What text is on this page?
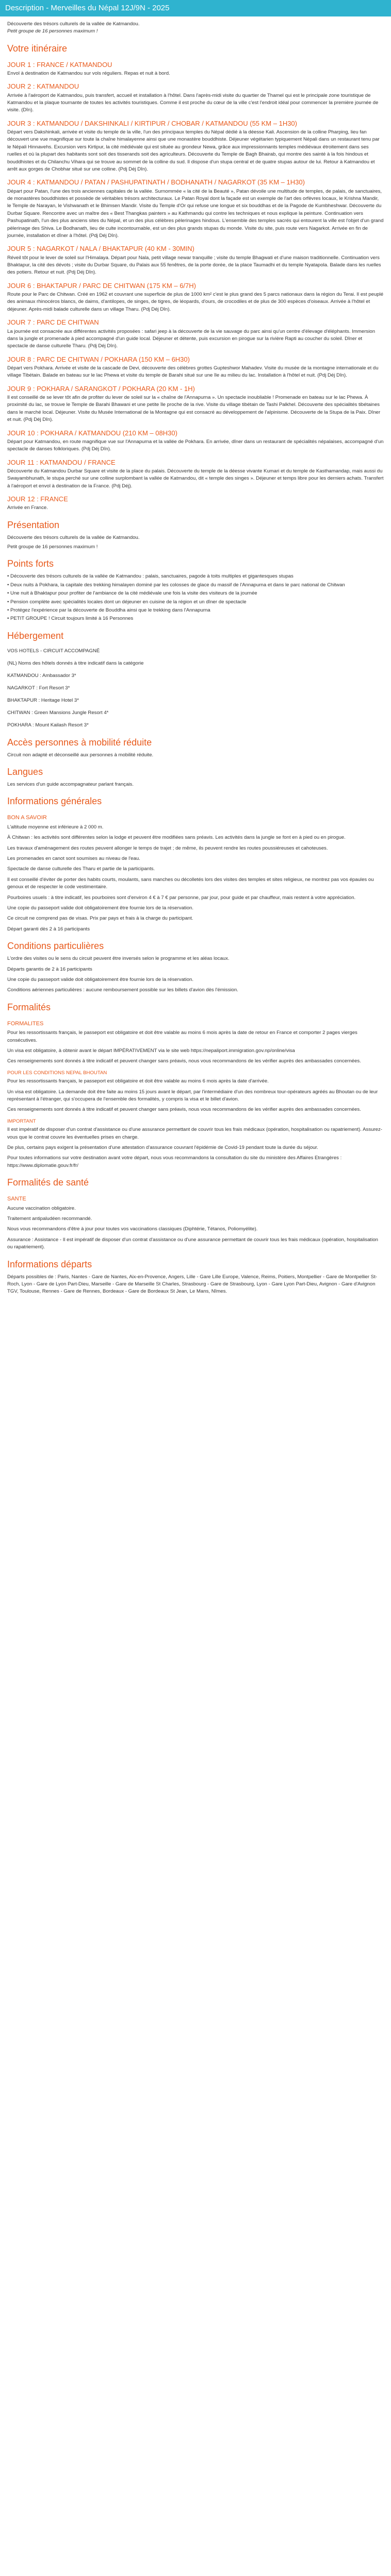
Description - Merveilles du Népal 12J/9N - 2025

Découverte des trésors culturels de la vallée de Katmandou.

Petit groupe de 16 personnes maximum !

Votre itinéraire
JOUR 1 : FRANCE / KATMANDOU

Envol à destination de Katmandou sur vols réguliers. Repas et nuit à bord.

JOUR 2 : KATMANDOU

Arrivée à l'aéroport de Katmandou, puis transfert, accueil et installation à l'hôtel. Dans l'après-midi visite du quartier de Thamel qui est le principale zone touristique de Katmandou et la plaque tournante de toutes les activités touristiques. Comme il est proche du cœur de la ville c'est l'endroit idéal pour commencer la première journée de visite. (Dîn).

JOUR 3 : KATMANDOU / DAKSHINKALI / KIRTIPUR / CHOBAR / KATMANDOU (55 KM – 1H30)

Départ vers Dakshinkali, arrivée et visite du temple de la ville, l'un des principaux temples du Népal dédié à la déesse Kali. Ascension de la colline Pharping, lieu fan découvert une vue magnifique sur toute la chaîne himalayenne ainsi que une monastère bouddhiste. Déjeuner végétarien typiquement Népali dans un restaurant tenu par le Népali Hinnavehs. Excursion vers Kirtipur, la cité médiévale qui est située au grondeur Newa, grâce aux impressionnants temples médiévaux étroitement dans ses ruelles et où la plupart des habitants sont soit des tisserands soit des agriculteurs. Découverte du Temple de Bagh Bhairab, qui montre des sainté à la fois hindous et bouddhistes et du Chilanchu Vihara qui se trouve au sommet de la colline du sud. Il dispose d'un stupa central et de quatre stupas autour de lui. Retour à Katmandou et arrêt aux gorges de Chobhar situé sur une colline. (Pdj Déj Dîn).

JOUR 4 : KATMANDOU / PATAN / PASHUPATINATH / BODHANATH / NAGARKOT (35 KM – 1H30)

Départ pour Patan, l'une des trois anciennes capitales de la vallée. Surnommée « la cité de la Beauté », Patan dévoile une multitude de temples, de palais, de sanctuaires, de monastères bouddhistes et possède de véritables trésors architecturaux. Le Patan Royal dont la façade est un exemple de l'art des orfèvres locaux, le Krishna Mandir, le Temple de Narayan, le Vishwanath et le Bhimsen Mandir. Visite du Temple d'Or qui refuse une longue et six bouddhas et de la Pagode de Kumbheshwar. Découverte du Durbar Square. Rencontre avec un maître des « Best Thangkas painters » au Kathmandu qui contre les techniques et nous explique la peinture. Continuation vers Pashupatinath, l'un des plus anciens sites du Népal, et un des plus célèbres pèlerinages hindous. L'ensemble des temples sacrés qui entourent la ville est l'objet d'un grand pèlerinage des Shiva. Le Bodhanath, lieu de culte incontournable, est un des plus grands stupas du monde. Visite du site, puis route vers Nagarkot. Arrivée en fin de journée, installation et dîner à l'hôtel. (Pdj Déj Dîn).

JOUR 5 : NAGARKOT / NALA / BHAKTAPUR (40 KM - 30MIN)

Réveil tôt pour le lever de soleil sur l'Himalaya. Départ pour Nala, petit village newar tranquille ; visite du temple Bhagwati et d'une maison traditionnelle. Continuation vers Bhaktapur, la cité des dévots ; visite du Durbar Square, du Palais aux 55 fenêtres, de la porte dorée, de la place Taumadhi et du temple Nyatapola. Balade dans les ruelles des potiers. Retour et nuit. (Pdj Déj Dîn).

JOUR 6 : BHAKTAPUR / PARC DE CHITWAN (175 KM – 6/7H)

Route pour le Parc de Chitwan. Créé en 1962 et couvrant une superficie de plus de 1000 km² c'est le plus grand des 5 parcs nationaux dans la région du Terai. Il est peuplé des animaux rhinocéros blancs, de daims, d'antilopes, de singes, de tigres, de léopards, d'ours, de crocodiles et de plus de 300 espèces d'oiseaux. Arrivée à l'hôtel et déjeuner. Après-midi balade culturelle dans un village Tharu. (Pdj Déj Dîn).

JOUR 7 : PARC DE CHITWAN

La journée est consacrée aux différentes activités proposées : safari jeep à la découverte de la vie sauvage du parc ainsi qu'un centre d'élevage d'éléphants. Immersion dans la jungle et promenade à pied accompagné d'un guide local. Déjeuner et détente, puis excursion en pirogue sur la rivière Rapti au coucher du soleil. Dîner et spectacle de danse culturelle Tharu. (Pdj Déj Dîn).

JOUR 8 : PARC DE CHITWAN / POKHARA (150 KM – 6H30)

Départ vers Pokhara. Arrivée et visite de la cascade de Devi, découverte des célèbres grottes Gupteshwor Mahadev. Visite du musée de la montagne internationale et du village Tibétain. Balade en bateau sur le lac Phewa et visite du temple de Barahi situé sur une île au milieu du lac. Installation à l'hôtel et nuit. (Pdj Déj Dîn).

JOUR 9 : POKHARA / SARANGKOT / POKHARA (20 KM - 1H)

Il est conseillé de se lever tôt afin de profiter du lever de soleil sur la « chaîne de l'Annapurna ». Un spectacle inoubliable ! Promenade en bateau sur le lac Phewa. À proximité du lac, se trouve le Temple de Barahi Bhawani et une petite île proche de la rive. Visite du village tibétain de Tashi Palkhel. Découverte des spécialités tibétaines dans le marché local. Déjeuner. Visite du Musée International de la Montagne qui est consacré au développement de l'alpinisme. Découverte de la Stupa de la Paix. Dîner et nuit. (Pdj Déj Dîn).

JOUR 10 : POKHARA / KATMANDOU (210 KM – 08H30)

Départ pour Katmandou, en route magnifique vue sur l'Annapurna et la vallée de Pokhara. En arrivée, dîner dans un restaurant de spécialités népalaises, accompagné d'un spectacle de danses folkloriques. (Pdj Déj Dîn).

JOUR 11 : KATMANDOU / FRANCE

Découverte du Katmandou Durbar Square et visite de la place du palais. Découverte du temple de la déesse vivante Kumari et du temple de Kasthamandap, mais aussi du Swayambhunath, le stupa perché sur une colline surplombant la vallée de Katmandou, dit « temple des singes ». Déjeuner et temps libre pour les derniers achats. Transfert à l'aéroport et envol à destination de la France. (Pdj Déj).

JOUR 12 : FRANCE

Arrivée en France.

Présentation

Découverte des trésors culturels de la vallée de Katmandou.

Petit groupe de 16 personnes maximum !

Points forts
• Découverte des trésors culturels de la vallée de Katmandou : palais, sanctuaires, pagode à toits multiples et gigantesques stupas
• Deux nuits à Pokhara, la capitale des trekking himalayen dominé par les colosses de glace du massif de l'Annapurna et dans le parc national de Chitwan
• Une nuit à Bhaktapur pour profiter de l'ambiance de la cité médiévale une fois la visite des visiteurs de la journée
• Pension complète avec spécialités locales dont un déjeuner en cuisine de la région et un dîner de spectacle
• Protégez l'expérience par la découverte de Bouddha ainsi que le trekking dans l'Annapurna
• PETIT GROUPE ! Circuit toujours limité à 16 Personnes
Hébergement

VOS HOTELS - CIRCUIT ACCOMPAGNÉ

(NL) Noms des hôtels donnés à titre indicatif dans la catégorie

KATMANDOU : Ambassador 3*

NAGARKOT : Fort Resort 3*

BHAKTAPUR : Heritage Hotel 3*

CHITWAN : Green Mansions Jungle Resort 4*

POKHARA : Mount Kailash Resort 3*

Accès personnes à mobilité réduite

Circuit non adapté et déconseillé aux personnes à mobilité réduite.

Langues

Les services d'un guide accompagnateur parlant français.

Informations générales
BON A SAVOIR

L'altitude moyenne est inférieure à 2 000 m.

À Chitwan : les activités sont différentes selon la lodge et peuvent être modifiées sans préavis. Les activités dans la jungle se font en à pied ou en pirogue.

Les travaux d'aménagement des routes peuvent allonger le temps de trajet ; de même, ils peuvent rendre les routes poussiéreuses et cahoteuses.

Les promenades en canot sont soumises au niveau de l'eau.

Spectacle de danse culturelle des Tharu et partie de la participants.

Il est conseillé d'éviter de porter des habits courts, moulants, sans manches ou décolletés lors des visites des temples et sites religieux, ne montrez pas vos épaules ou genoux et de respecter le code vestimentaire.

Pourboires usuels : à titre indicatif, les pourboires sont d'environ 4 € à 7 € par personne, par jour, pour guide et par chauffeur, mais restent à votre appréciation.

Une copie du passeport valide doit obligatoirement être fournie lors de la réservation.

Ce circuit ne comprend pas de visas. Prix par pays et frais à la charge du participant.

Départ garanti dès 2 à 16 participants

Conditions particulières

L'ordre des visites ou le sens du circuit peuvent être inversés selon le programme et les aléas locaux.

Départs garantis de 2 à 16 participants

Une copie du passeport valide doit obligatoirement être fournie lors de la réservation.

Conditions aériennes particulières : aucune remboursement possible sur les billets d'avion dès l'émission.

Formalités
FORMALITES

Pour les ressortissants français, le passeport est obligatoire et doit être valable au moins 6 mois après la date de retour en France et comporter 2 pages vierges consécutives.

Un visa est obligatoire, à obtenir avant le départ IMPÉRATIVEMENT via le site web https://nepaliport.immigration.gov.np/online/visa

Ces renseignements sont donnés à titre indicatif et peuvent changer sans préavis, nous vous recommandons de les vérifier auprès des ambassades concernées.

POUR LES CONDITIONS NEPAL BHOUTAN

Pour les ressortissants français, le passeport est obligatoire et doit être valable au moins 6 mois après la date d'arrivée.

Un visa est obligatoire. La demande doit être faite au moins 15 jours avant le départ, par l'intermédiaire d'un des nombreux tour-opérateurs agréés au Bhoutan ou de leur représentant à l'étranger, qui s'occupera de l'ensemble des formalités, y compris la visa et le billet d'avion.

Ces renseignements sont donnés à titre indicatif et peuvent changer sans préavis, nous vous recommandons de les vérifier auprès des ambassades concernées.

IMPORTANT

Il est impératif de disposer d'un contrat d'assistance ou d'une assurance permettant de couvrir tous les frais médicaux (opération, hospitalisation ou rapatriement). Assurez-vous que le contrat couvre les éventuelles prises en charge.

De plus, certains pays exigent la présentation d'une attestation d'assurance couvrant l'épidémie de Covid-19 pendant toute la durée du séjour.

Pour toutes informations sur votre destination avant votre départ, nous vous recommandons la consultation du site du ministère des Affaires Etrangères : https://www.diplomatie.gouv.fr/fr/

Formalités de santé
SANTE

Aucune vaccination obligatoire.

Traitement antipaludéen recommandé.

Nous vous recommandons d'être à jour pour toutes vos vaccinations classiques (Diphtérie, Tétanos, Poliomyélite).

Assurance : Assistance - Il est impératif de disposer d'un contrat d'assistance ou d'une assurance permettant de couvrir tous les frais médicaux (opération, hospitalisation ou rapatriement).

Informations départs

Départs possibles de : Paris, Nantes - Gare de Nantes, Aix-en-Provence, Angers, Lille - Gare Lille Europe, Valence, Reims, Poitiers, Montpellier - Gare de Montpellier St-Roch, Lyon - Gare de Lyon Part-Dieu, Marseille - Gare de Marseille St Charles, Strasbourg - Gare de Strasbourg, Lyon - Gare Lyon Part-Dieu, Avignon - Gare d'Avignon TGV, Toulouse, Rennes - Gare de Rennes, Bordeaux - Gare de Bordeaux St Jean, Le Mans, Nîmes.
